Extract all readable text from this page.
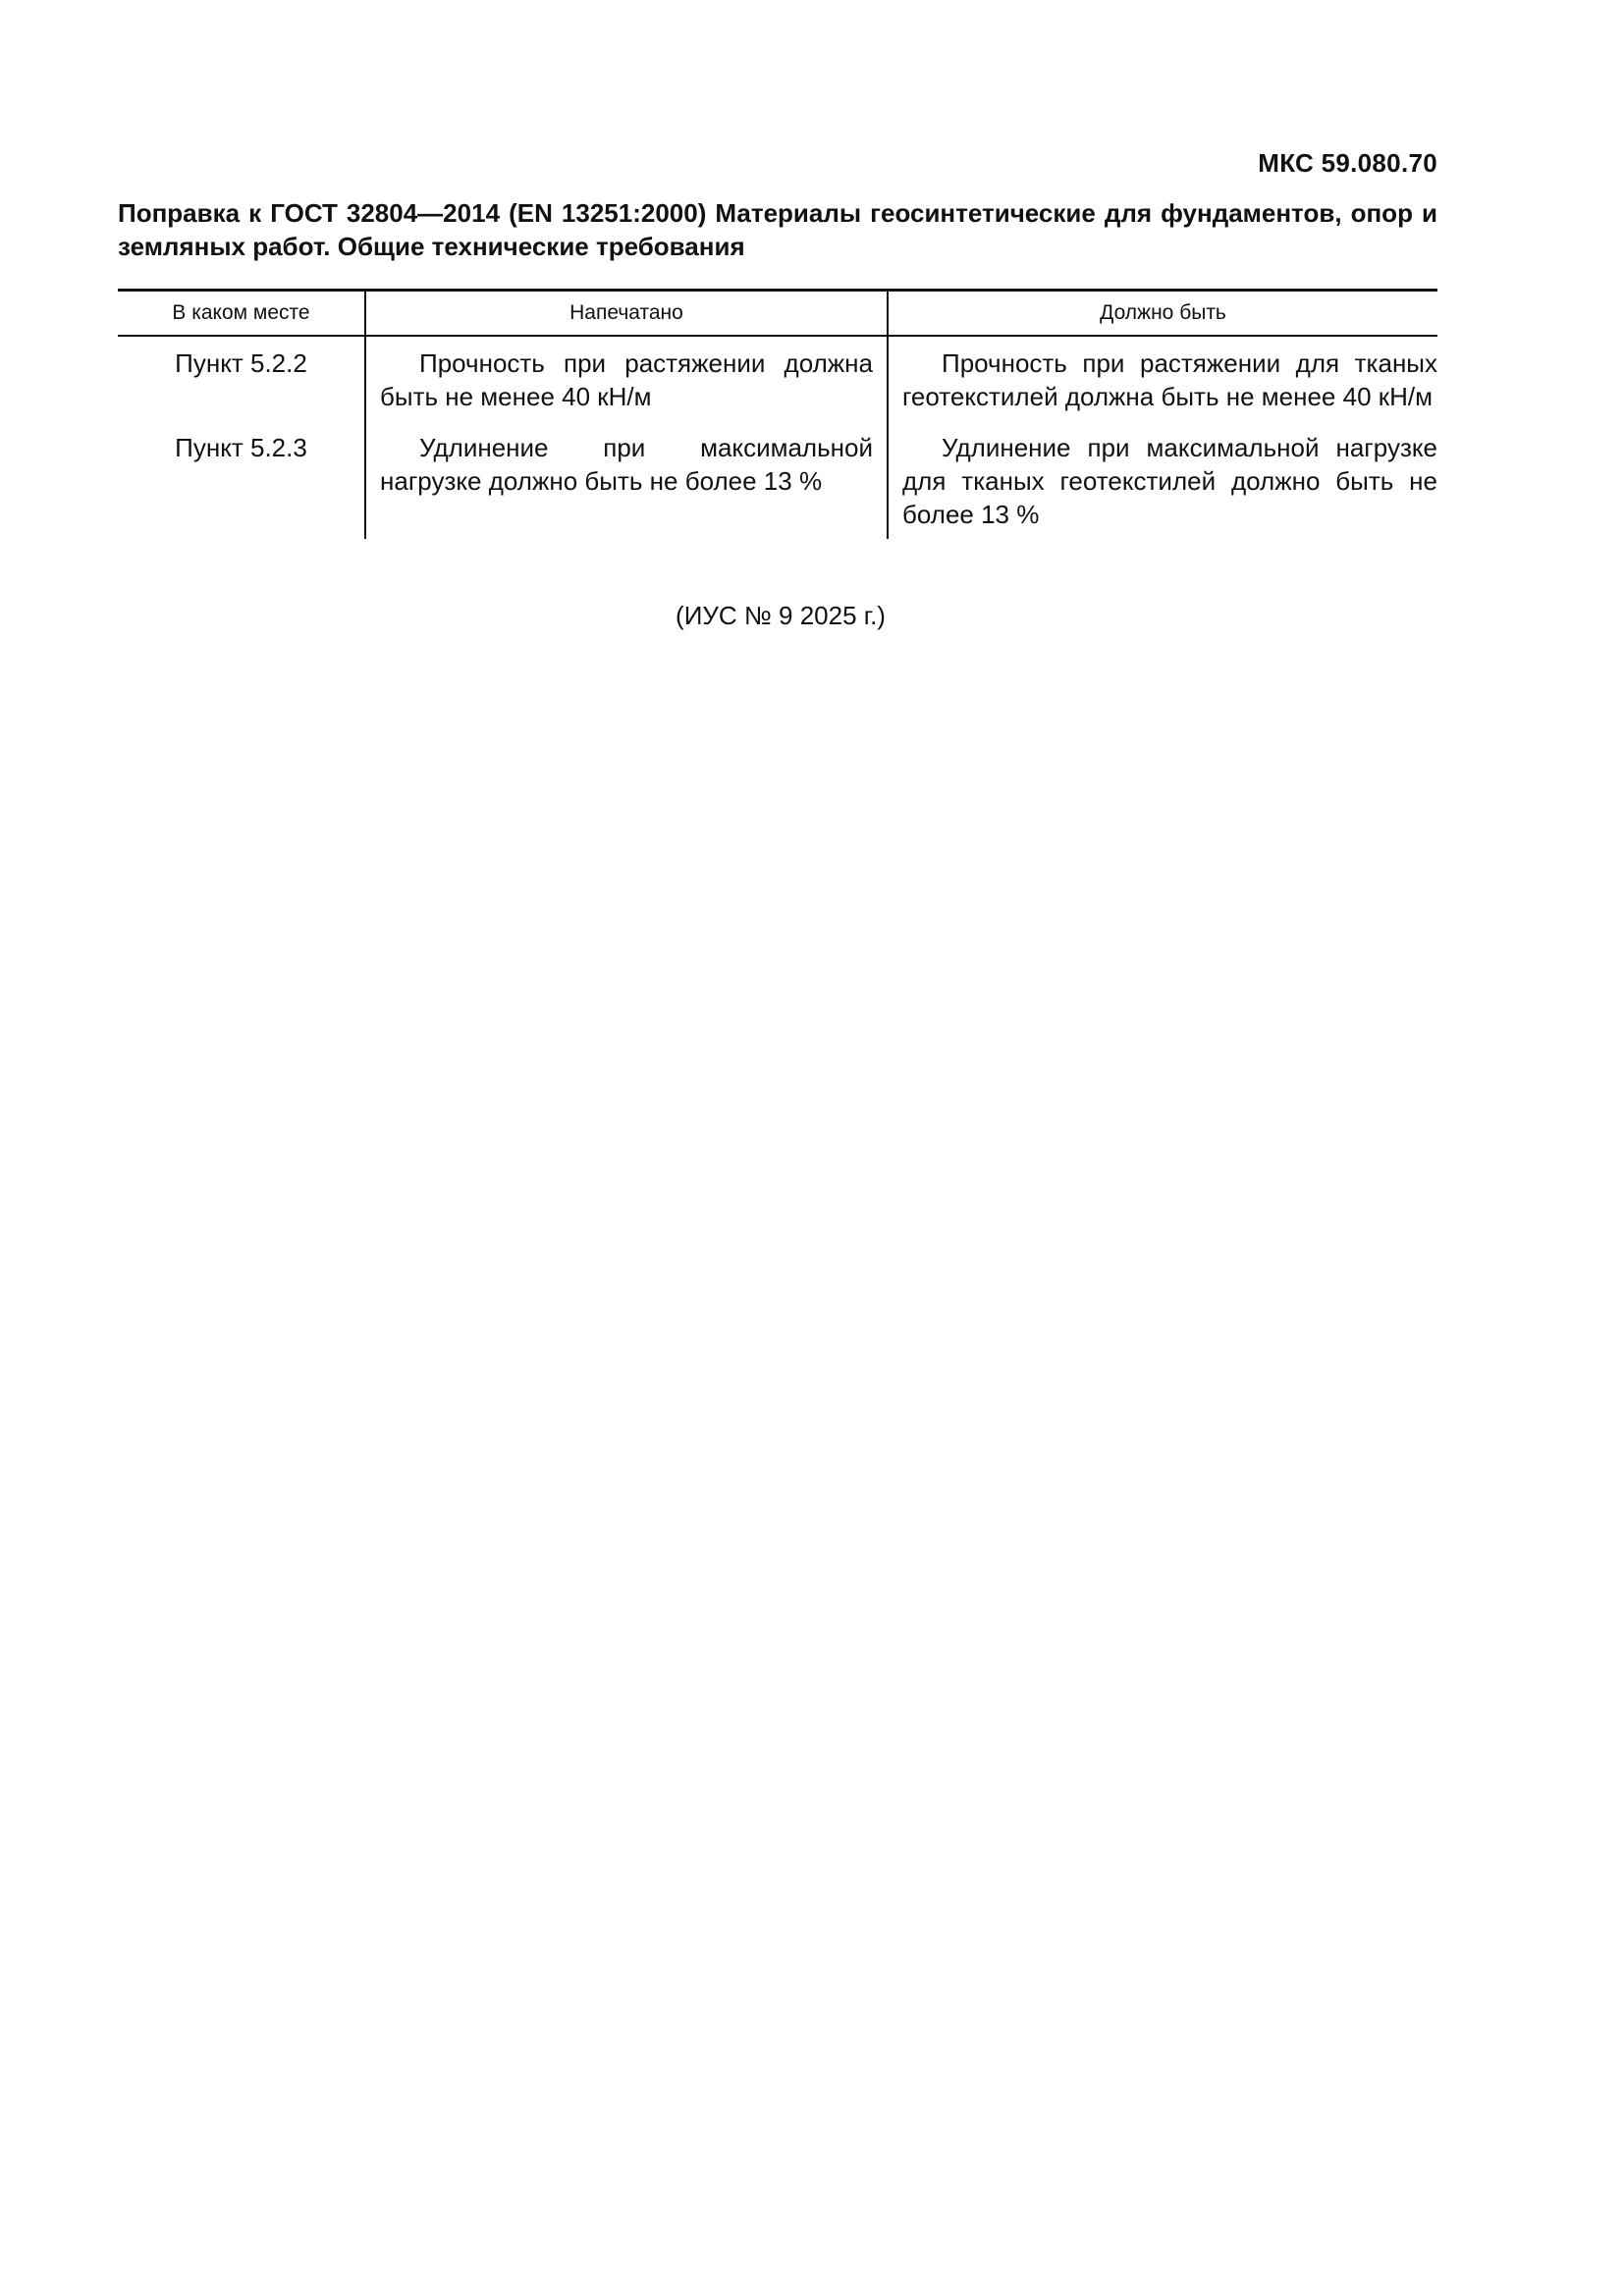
МКС 59.080.70
Поправка к ГОСТ 32804—2014 (EN 13251:2000) Материалы геосинтетические для фундаментов, опор и земляных работ. Общие технические требования
В каком месте	Напечатано	Должно быть
Пункт 5.2.2	Прочность при растяжении должна быть не менее 40 кН/м	Прочность при растяжении для тканых геотекстилей должна быть не менее 40 кН/м

Пункт 5.2.3	Удлинение при максимальной нагрузке должно быть не более 13 %	Удлинение при максимальной нагрузке для тканых геотекстилей должно быть не более 13 %
(ИУС № 9 2025 г.)
